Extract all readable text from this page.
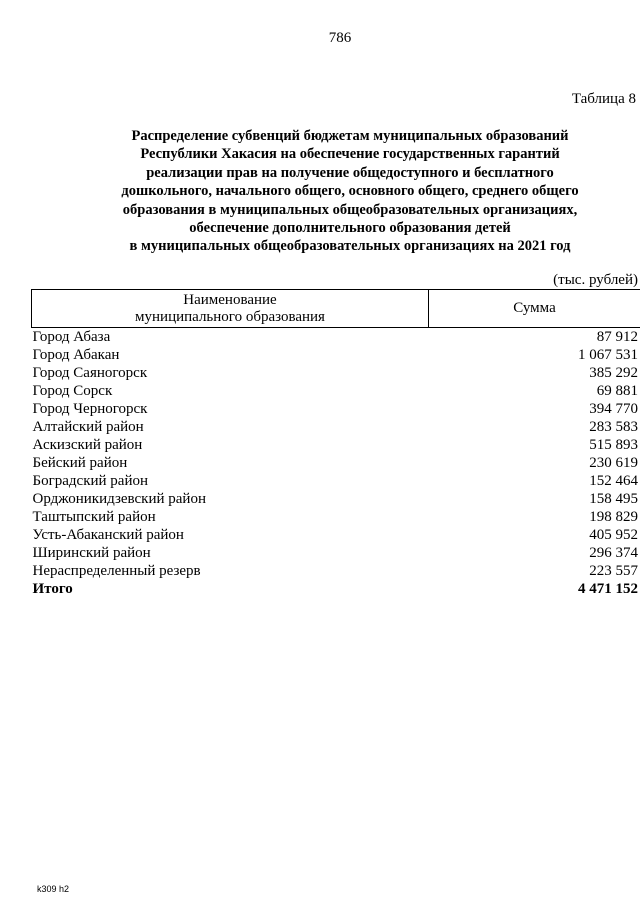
786
Таблица 8
Распределение субвенций бюджетам муниципальных образований
Республики Хакасия на обеспечение государственных гарантий
реализации прав на получение общедоступного и бесплатного
дошкольного, начального общего, основного общего, среднего общего
образования в муниципальных общеобразовательных организациях,
обеспечение дополнительного образования детей
в муниципальных общеобразовательных организациях на 2021 год
(тыс. рублей)
Наименование
муниципального образования	Сумма
Город Абаза	87 912
Город Абакан	1 067 531
Город Саяногорск	385 292
Город Сорск	69 881
Город Черногорск	394 770
Алтайский район	283 583
Аскизский район	515 893
Бейский район	230 619
Боградский район	152 464
Орджоникидзевский район	158 495
Таштыпский район	198 829
Усть-Абаканский район	405 952
Ширинский район	296 374
Нераспределенный резерв	223 557
Итого	4 471 152
k309 h2
